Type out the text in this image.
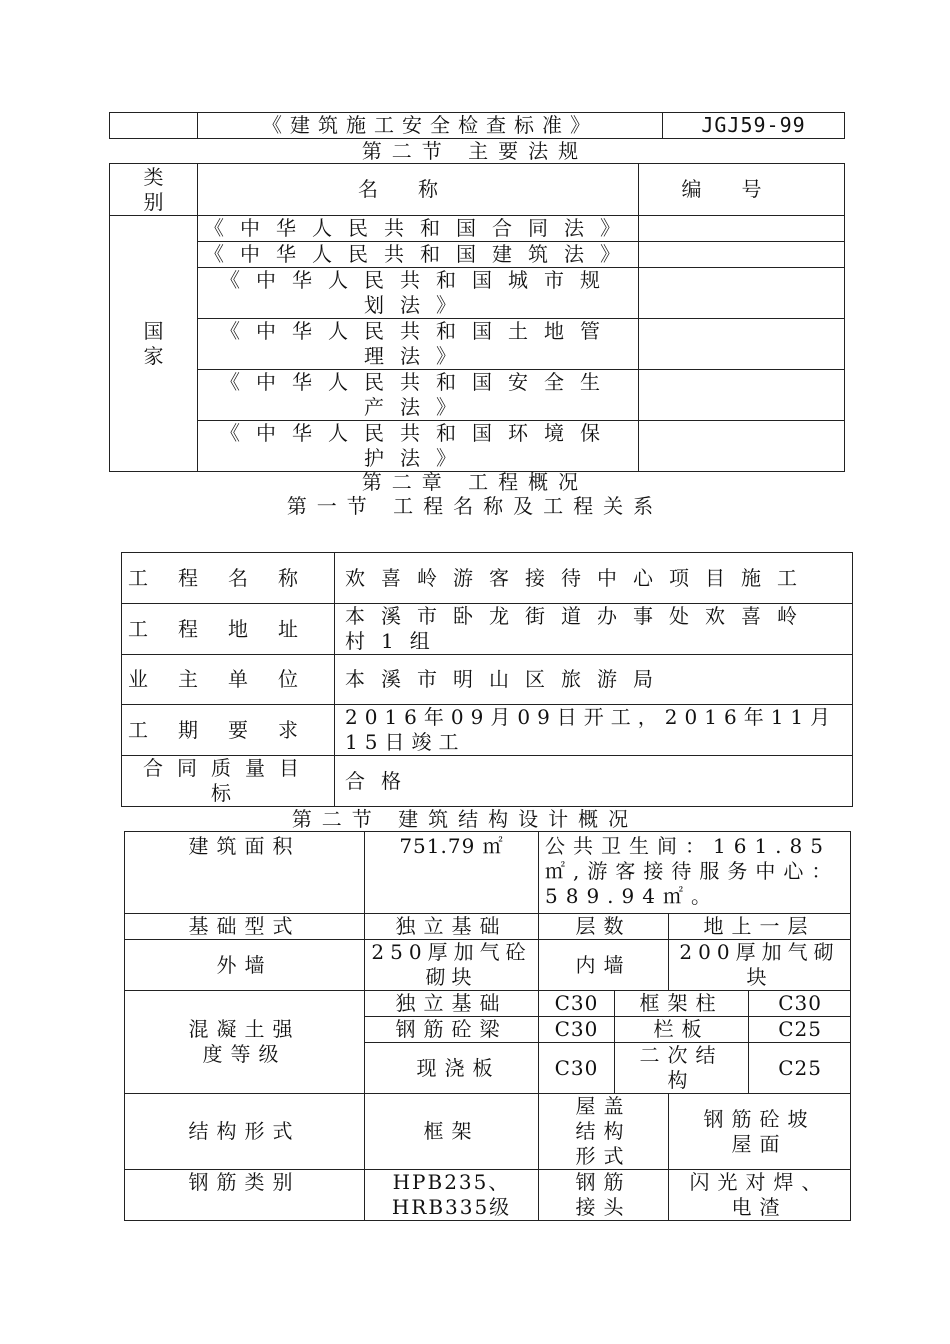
	《建筑施工安全检查标准》	JGJ59-99
第二节 主要法规
类别	名称	编号
国家	《中华人民共和国合同法》	
	《中华人民共和国建筑法》	
	《中华人民共和国城市规划法》	
	《中华人民共和国土地管理法》	
	《中华人民共和国安全生产法》	
	《中华人民共和国环境保护法》	
第二章 工程概况
第一节 工程名称及工程关系
工程名称	欢喜岭游客接待中心项目施工
工程地址	本溪市卧龙街道办事处欢喜岭村1组
业主单位	本溪市明山区旅游局
工期要求	2016年09月09日开工，2016年11月15日竣工
合同质量目标	合格
第二节 建筑结构设计概况
建筑面积	751.79 ㎡	公共卫生间：161.85㎡,游客接待服务中心：589.94㎡。			
基础型式	独立基础	层数		地上一层	
外墙	250厚加气砼砌块	内墙		200厚加气砌块	
混凝土强度等级	独立基础	C30	框架柱		C30
	钢筋砼梁	C30	栏板		C25
	现浇板	C30	二次结构		C25
结构形式	框架	屋盖结构形式		钢筋砼坡屋面	
钢筋类别	HPB235、HRB335级	钢筋接头		闪光对焊、电渣	
